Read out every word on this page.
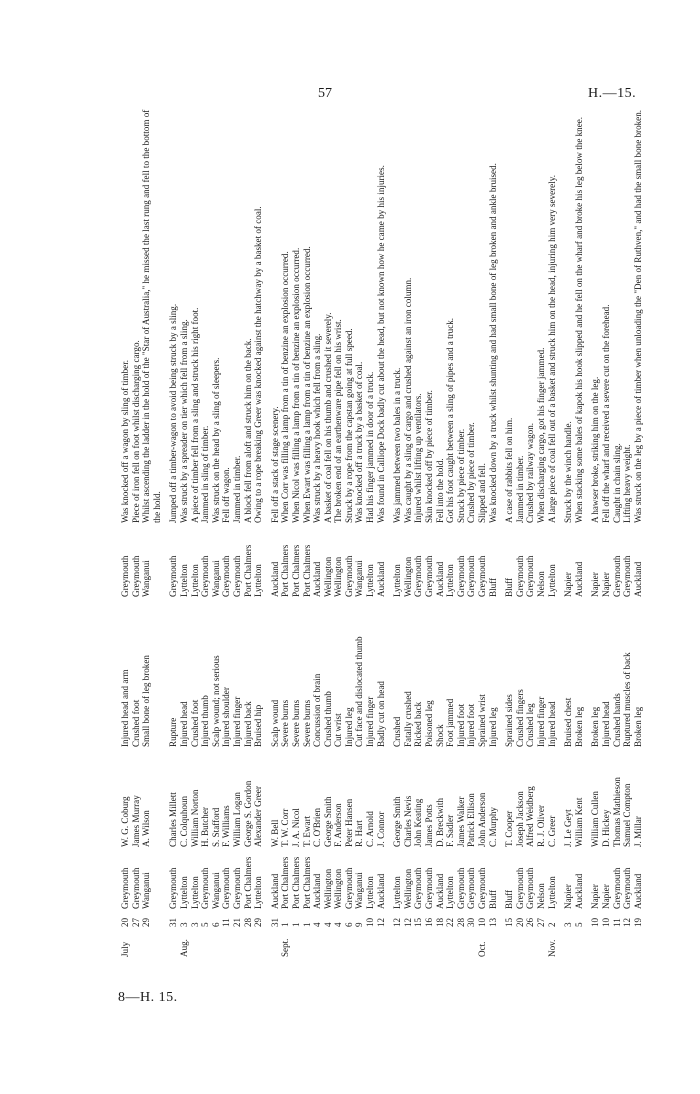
57	H.—15.
July	20	Greymouth	W. G. Coburg	Injured head and arm	Greymouth	Was knocked off a wagon by sling of timber.
	27	Greymouth	James Murray	Crushed foot	Greymouth	Piece of iron fell on foot whilst discharging cargo.
	29	Wanganui	A. Wilson	Small bone of leg broken	Wanganui	Whilst ascending the ladder in the hold of the "Star of Australia," he missed the last rung and fell to the bottom of the hold.
	31	Greymouth	Charles Millett	Rupture	Greymouth	Jumped off a timber-wagon to avoid being struck by a sling.
Aug.	3	Lyttelton	C. Colquhoun	Injured head	Lyttelton	Was struck by a spreader on tier which fell from a sling.
	3	Lyttelton	William Norton	Crushed foot	Lyttelton	A piece of timber fell from a sling and struck his right foot.
	5	Greymouth	H. Butcher	Injured thumb	Greymouth	Jammed in sling of timber.
	6	Wanganui	S. Stafford	Scalp wound; not serious	Wanganui	Was struck on the head by a sling of sleepers.
	11	Greymouth	F. Williams	Injured shoulder	Greymouth	Fell off wagon.
	21	Greymouth	William Logan	Injured finger	Greymouth	Jammed in timber.
	28	Port Chalmers	George S. Gordon	Injured back	Port Chalmers	A block fell from aloft and struck him on the back.
	29	Lyttelton	Alexander Greer	Bruised hip	Lyttelton	Owing to a rope breaking Greer was knocked against the hatchway by a basket of coal.
	31	Auckland	W. Bell	Scalp wound	Auckland	Fell off a stack of stage scenery.
Sept.	1	Port Chalmers	T. W. Corr	Severe burns	Port Chalmers	When Corr was filling a lamp from a tin of benzine an explosion occurred.
	1	Port Chalmers	J. A. Nicol	Severe burns	Port Chalmers	When Nicol was filling a lamp from a tin of benzine an explosion occurred.
	1	Port Chalmers	T. Ewart	Severe burns	Port Chalmers	When Ewart was filling a lamp from a tin of benzine an explosion occurred.
	4	Auckland	C. O'Brien	Concussion of brain	Auckland	Was struck by a heavy hook which fell from a sling.
	4	Wellington	George Smith	Crushed thumb	Wellington	A basket of coal fell on his thumb and crushed it severely.
	4	Wellington	F. Anderson	Cut wrist	Wellington	The broken end of an earthenware pipe fell on his wrist.
	6	Greymouth	Peter Hansen	Injured leg	Greymouth	Struck by a rope from the capstan going at full speed.
	9	Wanganui	R. Hart	Cut face and dislocated thumb	Wanganui	Was knocked off a truck by a basket of coal.
	10	Lyttelton	C. Arnold	Injured finger	Lyttelton	Had his finger jammed in door of a truck.
	12	Auckland	J. Connor	Badly cut on head	Auckland	Was found in Calliope Dock badly cut about the head, but not known how he came by his injuries.
	12	Lyttelton	George Smith	Crushed	Lyttelton	Was jammed between two bales in a truck.
	12	Wellington	Charles Nevis	Fatally crushed	Wellington	Was caught by a sling of cargo and crushed against an iron column.
	15	Greymouth	John Keating	Ricked back	Greymouth	Injured whilst lifting up ventilators.
	16	Greymouth	James Potts	Poisoned leg	Greymouth	Skin knocked off by piece of timber.
	18	Auckland	D. Breckwith	Shock	Auckland	Fell into the hold.
	22	Lyttelton	F. Sadler	Foot jammed	Lyttelton	Got his foot caught between a sling of pipes and a truck.
	28	Greymouth	James Walker	Injured foot	Greymouth	Struck by piece of timber.
	30	Greymouth	Patrick Ellison	Injured foot	Greymouth	Crushed by piece of timber.
Oct.	10	Greymouth	John Anderson	Sprained wrist	Greymouth	Slipped and fell.
	13	Bluff	C. Murphy	Injured leg	Bluff	Was knocked down by a truck whilst shunting and had small bone of leg broken and ankle bruised.
	15	Bluff	T. Cooper	Sprained sides	Bluff	A case of rabbits fell on him.
	20	Greymouth	Joseph Jackson	Crushed fingers	Greymouth	Jammed in timber.
	26	Greymouth	Alfred Weidberg	Crushed leg	Greymouth	Crushed by railway wagon.
	27	Nelson	R. J. Oliver	Injured finger	Nelson	When discharging cargo, got his finger jammed.
Nov.	2	Lyttelton	C. Greer	Injured head	Lyttelton	A large piece of coal fell out of a basket and struck him on the head, injuring him very severely.
	3	Napier	J. Le Geyt	Bruised chest	Napier	Struck by the winch handle.
	5	Auckland	William Kent	Broken leg	Auckland	When stacking some bales of kapok his hook slipped and he fell on the wharf and broke his leg below the knee.
	10	Napier	William Cullen	Broken leg	Napier	A hawser broke, striking him on the leg.
	10	Napier	D. Hickey	Injured head	Napier	Fell off the wharf and received a severe cut on the forehead.
	11	Greymouth	Thomas Mathieson	Crushed hands	Greymouth	Caught in chain sling.
	12	Greymouth	Samuel Compton	Ruptured muscles of back	Greymouth	Lifting heavy weight.
	19	Auckland	J. Millar	Broken leg	Auckland	Was struck on the leg by a piece of timber when unloading the "Den of Ruthven," and had the small bone broken.
8—H. 15.
